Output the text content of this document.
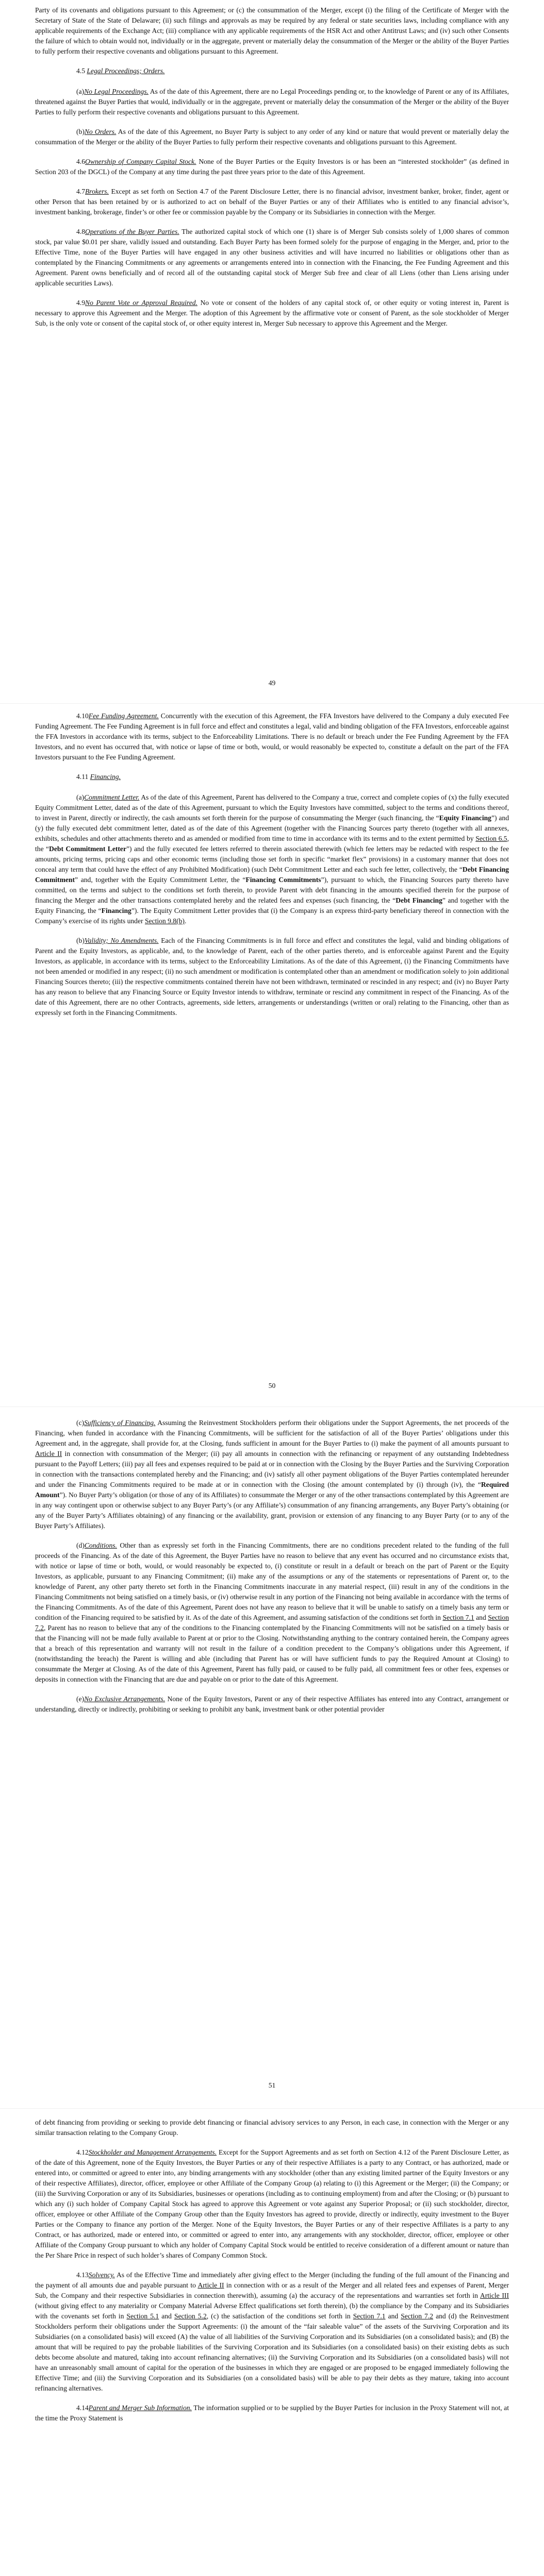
Party of its covenants and obligations pursuant to this Agreement; or (c) the consummation of the Merger, except (i) the filing of the Certificate of Merger with the Secretary of State of the State of Delaware; (ii) such filings and approvals as may be required by any federal or state securities laws, including compliance with any applicable requirements of the Exchange Act; (iii) compliance with any applicable requirements of the HSR Act and other Antitrust Laws; and (iv) such other Consents the failure of which to obtain would not, individually or in the aggregate, prevent or materially delay the consummation of the Merger or the ability of the Buyer Parties to fully perform their respective covenants and obligations pursuant to this Agreement.

4.5 Legal Proceedings; Orders.

(a)No Legal Proceedings. As of the date of this Agreement, there are no Legal Proceedings pending or, to the knowledge of Parent or any of its Affiliates, threatened against the Buyer Parties that would, individually or in the aggregate, prevent or materially delay the consummation of the Merger or the ability of the Buyer Parties to fully perform their respective covenants and obligations pursuant to this Agreement.

(b)No Orders. As of the date of this Agreement, no Buyer Party is subject to any order of any kind or nature that would prevent or materially delay the consummation of the Merger or the ability of the Buyer Parties to fully perform their respective covenants and obligations pursuant to this Agreement.

4.6Ownership of Company Capital Stock. None of the Buyer Parties or the Equity Investors is or has been an “interested stockholder” (as defined in Section 203 of the DGCL) of the Company at any time during the past three years prior to the date of this Agreement.

4.7Brokers. Except as set forth on Section 4.7 of the Parent Disclosure Letter, there is no financial advisor, investment banker, broker, finder, agent or other Person that has been retained by or is authorized to act on behalf of the Buyer Parties or any of their Affiliates who is entitled to any financial advisor’s, investment banking, brokerage, finder’s or other fee or commission payable by the Company or its Subsidiaries in connection with the Merger.

4.8Operations of the Buyer Parties. The authorized capital stock of which one (1) share is of Merger Sub consists solely of 1,000 shares of common stock, par value $0.01 per share, validly issued and outstanding. Each Buyer Party has been formed solely for the purpose of engaging in the Merger, and, prior to the Effective Time, none of the Buyer Parties will have engaged in any other business activities and will have incurred no liabilities or obligations other than as contemplated by the Financing Commitments or any agreements or arrangements entered into in connection with the Financing, the Fee Funding Agreement and this Agreement. Parent owns beneficially and of record all of the outstanding capital stock of Merger Sub free and clear of all Liens (other than Liens arising under applicable securities Laws).

4.9No Parent Vote or Approval Required. No vote or consent of the holders of any capital stock of, or other equity or voting interest in, Parent is necessary to approve this Agreement and the Merger. The adoption of this Agreement by the affirmative vote or consent of Parent, as the sole stockholder of Merger Sub, is the only vote or consent of the capital stock of, or other equity interest in, Merger Sub necessary to approve this Agreement and the Merger.

49

4.10Fee Funding Agreement. Concurrently with the execution of this Agreement, the FFA Investors have delivered to the Company a duly executed Fee Funding Agreement. The Fee Funding Agreement is in full force and effect and constitutes a legal, valid and binding obligation of the FFA Investors, enforceable against the FFA Investors in accordance with its terms, subject to the Enforceability Limitations. There is no default or breach under the Fee Funding Agreement by the FFA Investors, and no event has occurred that, with notice or lapse of time or both, would, or would reasonably be expected to, constitute a default on the part of the FFA Investors pursuant to the Fee Funding Agreement.

4.11 Financing.

(a)Commitment Letter. As of the date of this Agreement, Parent has delivered to the Company a true, correct and complete copies of (x) the fully executed Equity Commitment Letter, dated as of the date of this Agreement, pursuant to which the Equity Investors have committed, subject to the terms and conditions thereof, to invest in Parent, directly or indirectly, the cash amounts set forth therein for the purpose of consummating the Merger (such financing, the “Equity Financing”) and (y) the fully executed debt commitment letter, dated as of the date of this Agreement (together with the Financing Sources party thereto (together with all annexes, exhibits, schedules and other attachments thereto and as amended or modified from time to time in accordance with its terms and to the extent permitted by Section 6.5, the “Debt Commitment Letter”) and the fully executed fee letters referred to therein associated therewith (which fee letters may be redacted with respect to the fee amounts, pricing terms, pricing caps and other economic terms (including those set forth in specific “market flex” provisions) in a customary manner that does not conceal any term that could have the effect of any Prohibited Modification) (such Debt Commitment Letter and each such fee letter, collectively, the “Debt Financing Commitment” and, together with the Equity Commitment Letter, the “Financing Commitments”), pursuant to which, the Financing Sources party thereto have committed, on the terms and subject to the conditions set forth therein, to provide Parent with debt financing in the amounts specified therein for the purpose of financing the Merger and the other transactions contemplated hereby and the related fees and expenses (such financing, the “Debt Financing” and together with the Equity Financing, the “Financing”). The Equity Commitment Letter provides that (i) the Company is an express third-party beneficiary thereof in connection with the Company’s exercise of its rights under Section 9.8(b).

(b)Validity; No Amendments. Each of the Financing Commitments is in full force and effect and constitutes the legal, valid and binding obligations of Parent and the Equity Investors, as applicable, and, to the knowledge of Parent, each of the other parties thereto, and is enforceable against Parent and the Equity Investors, as applicable, in accordance with its terms, subject to the Enforceability Limitations. As of the date of this Agreement, (i) the Financing Commitments have not been amended or modified in any respect; (ii) no such amendment or modification is contemplated other than an amendment or modification solely to join additional Financing Sources thereto; (iii) the respective commitments contained therein have not been withdrawn, terminated or rescinded in any respect; and (iv) no Buyer Party has any reason to believe that any Financing Source or Equity Investor intends to withdraw, terminate or rescind any commitment in respect of the Financing. As of the date of this Agreement, there are no other Contracts, agreements, side letters, arrangements or understandings (written or oral) relating to the Financing, other than as expressly set forth in the Financing Commitments.

50

(c)Sufficiency of Financing. Assuming the Reinvestment Stockholders perform their obligations under the Support Agreements, the net proceeds of the Financing, when funded in accordance with the Financing Commitments, will be sufficient for the satisfaction of all of the Buyer Parties’ obligations under this Agreement and, in the aggregate, shall provide for, at the Closing, funds sufficient in amount for the Buyer Parties to (i) make the payment of all amounts pursuant to Article II in connection with consummation of the Merger; (ii) pay all amounts in connection with the refinancing or repayment of any outstanding Indebtedness pursuant to the Payoff Letters; (iii) pay all fees and expenses required to be paid at or in connection with the Closing by the Buyer Parties and the Surviving Corporation in connection with the transactions contemplated hereby and the Financing; and (iv) satisfy all other payment obligations of the Buyer Parties contemplated hereunder and under the Financing Commitments required to be made at or in connection with the Closing (the amount contemplated by (i) through (iv), the “Required Amount”). No Buyer Party’s obligation (or those of any of its Affiliates) to consummate the Merger or any of the other transactions contemplated by this Agreement are in any way contingent upon or otherwise subject to any Buyer Party’s (or any Affiliate’s) consummation of any financing arrangements, any Buyer Party’s obtaining (or any of the Buyer Party’s Affiliates obtaining) of any financing or the availability, grant, provision or extension of any financing to any Buyer Party (or to any of the Buyer Party’s Affiliates).

(d)Conditions. Other than as expressly set forth in the Financing Commitments, there are no conditions precedent related to the funding of the full proceeds of the Financing. As of the date of this Agreement, the Buyer Parties have no reason to believe that any event has occurred and no circumstance exists that, with notice or lapse of time or both, would, or would reasonably be expected to, (i) constitute or result in a default or breach on the part of Parent or the Equity Investors, as applicable, pursuant to any Financing Commitment; (ii) make any of the assumptions or any of the statements or representations of Parent or, to the knowledge of Parent, any other party thereto set forth in the Financing Commitments inaccurate in any material respect, (iii) result in any of the conditions in the Financing Commitments not being satisfied on a timely basis, or (iv) otherwise result in any portion of the Financing not being available in accordance with the terms of the Financing Commitments. As of the date of this Agreement, Parent does not have any reason to believe that it will be unable to satisfy on a timely basis any term or condition of the Financing required to be satisfied by it. As of the date of this Agreement, and assuming satisfaction of the conditions set forth in Section 7.1 and Section 7.2, Parent has no reason to believe that any of the conditions to the Financing contemplated by the Financing Commitments will not be satisfied on a timely basis or that the Financing will not be made fully available to Parent at or prior to the Closing. Notwithstanding anything to the contrary contained herein, the Company agrees that a breach of this representation and warranty will not result in the failure of a condition precedent to the Company’s obligations under this Agreement, if (notwithstanding the breach) the Parent is willing and able (including that Parent has or will have sufficient funds to pay the Required Amount at Closing) to consummate the Merger at Closing. As of the date of this Agreement, Parent has fully paid, or caused to be fully paid, all commitment fees or other fees, expenses or deposits in connection with the Financing that are due and payable on or prior to the date of this Agreement.

(e)No Exclusive Arrangements. None of the Equity Investors, Parent or any of their respective Affiliates has entered into any Contract, arrangement or understanding, directly or indirectly, prohibiting or seeking to prohibit any bank, investment bank or other potential provider

51

of debt financing from providing or seeking to provide debt financing or financial advisory services to any Person, in each case, in connection with the Merger or any similar transaction relating to the Company Group.

4.12Stockholder and Management Arrangements. Except for the Support Agreements and as set forth on Section 4.12 of the Parent Disclosure Letter, as of the date of this Agreement, none of the Equity Investors, the Buyer Parties or any of their respective Affiliates is a party to any Contract, or has authorized, made or entered into, or committed or agreed to enter into, any binding arrangements with any stockholder (other than any existing limited partner of the Equity Investors or any of their respective Affiliates), director, officer, employee or other Affiliate of the Company Group (a) relating to (i) this Agreement or the Merger; (ii) the Company; or (iii) the Surviving Corporation or any of its Subsidiaries, businesses or operations (including as to continuing employment) from and after the Closing; or (b) pursuant to which any (i) such holder of Company Capital Stock has agreed to approve this Agreement or vote against any Superior Proposal; or (ii) such stockholder, director, officer, employee or other Affiliate of the Company Group other than the Equity Investors has agreed to provide, directly or indirectly, equity investment to the Buyer Parties or the Company to finance any portion of the Merger. None of the Equity Investors, the Buyer Parties or any of their respective Affiliates is a party to any Contract, or has authorized, made or entered into, or committed or agreed to enter into, any arrangements with any stockholder, director, officer, employee or other Affiliate of the Company Group pursuant to which any holder of Company Capital Stock would be entitled to receive consideration of a different amount or nature than the Per Share Price in respect of such holder’s shares of Company Common Stock.

4.13Solvency. As of the Effective Time and immediately after giving effect to the Merger (including the funding of the full amount of the Financing and the payment of all amounts due and payable pursuant to Article II in connection with or as a result of the Merger and all related fees and expenses of Parent, Merger Sub, the Company and their respective Subsidiaries in connection therewith), assuming (a) the accuracy of the representations and warranties set forth in Article III (without giving effect to any materiality or Company Material Adverse Effect qualifications set forth therein), (b) the compliance by the Company and its Subsidiaries with the covenants set forth in Section 5.1 and Section 5.2, (c) the satisfaction of the conditions set forth in Section 7.1 and Section 7.2 and (d) the Reinvestment Stockholders perform their obligations under the Support Agreements: (i) the amount of the “fair saleable value” of the assets of the Surviving Corporation and its Subsidiaries (on a consolidated basis) will exceed (A) the value of all liabilities of the Surviving Corporation and its Subsidiaries (on a consolidated basis); and (B) the amount that will be required to pay the probable liabilities of the Surviving Corporation and its Subsidiaries (on a consolidated basis) on their existing debts as such debts become absolute and matured, taking into account refinancing alternatives; (ii) the Surviving Corporation and its Subsidiaries (on a consolidated basis) will not have an unreasonably small amount of capital for the operation of the businesses in which they are engaged or are proposed to be engaged immediately following the Effective Time; and (iii) the Surviving Corporation and its Subsidiaries (on a consolidated basis) will be able to pay their debts as they mature, taking into account refinancing alternatives.

4.14Parent and Merger Sub Information. The information supplied or to be supplied by the Buyer Parties for inclusion in the Proxy Statement will not, at the time the Proxy Statement is
